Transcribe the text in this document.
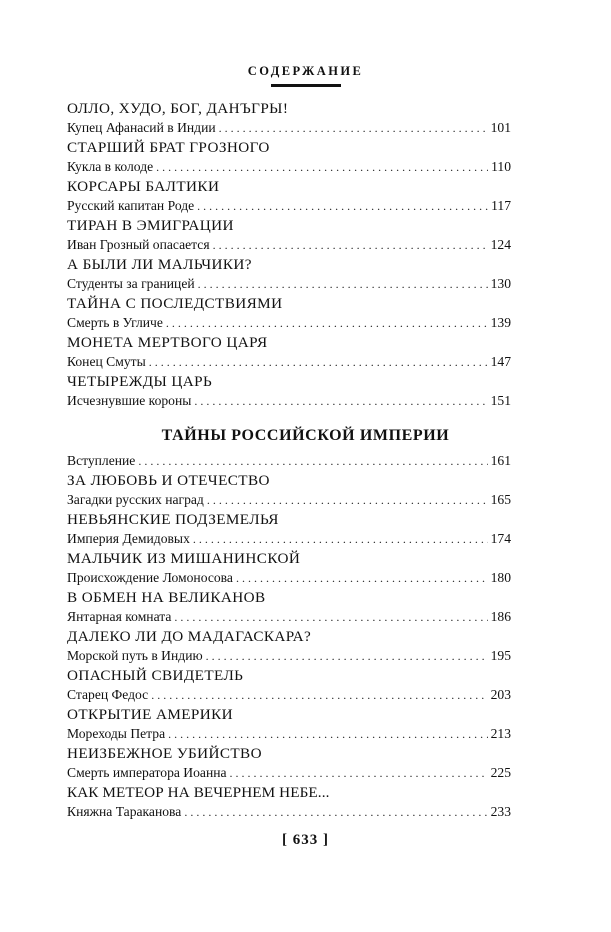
СОДЕРЖАНИЕ
ОЛЛО, ХУДО, БОГ, ДАНЪГРЫ!
Купец Афанасий в Индии . . .	101
СТАРШИЙ БРАТ ГРОЗНОГО
Кукла в колоде . . .	110
КОРСАРЫ БАЛТИКИ
Русский капитан Роде . . .	117
ТИРАН В ЭМИГРАЦИИ
Иван Грозный опасается . . .	124
А БЫЛИ ЛИ МАЛЬЧИКИ?
Студенты за границей . . .	130
ТАЙНА С ПОСЛЕДСТВИЯМИ
Смерть в Угличе . . .	139
МОНЕТА МЕРТВОГО ЦАРЯ
Конец Смуты . . .	147
ЧЕТЫРЕЖДЫ ЦАРЬ
Исчезнувшие короны . . .	151
ТАЙНЫ РОССИЙСКОЙ ИМПЕРИИ
Вступление . . .	161
ЗА ЛЮБОВЬ И ОТЕЧЕСТВО
Загадки русских наград . . .	165
НЕВЬЯНСКИЕ ПОДЗЕМЕЛЬЯ
Империя Демидовых . . .	174
МАЛЬЧИК ИЗ МИШАНИНСКОЙ
Происхождение Ломоносова . . .	180
В ОБМЕН НА ВЕЛИКАНОВ
Янтарная комната . . .	186
ДАЛЕКО ЛИ ДО МАДАГАСКАРА?
Морской путь в Индию . . .	195
ОПАСНЫЙ СВИДЕТЕЛЬ
Старец Федос . . .	203
ОТКРЫТИЕ АМЕРИКИ
Мореходы Петра . . .	213
НЕИЗБЕЖНОЕ УБИЙСТВО
Смерть императора Иоанна . . .	225
КАК МЕТЕОР НА ВЕЧЕРНЕМ НЕБЕ...
Княжна Тараканова . . .	233
[ 633 ]
